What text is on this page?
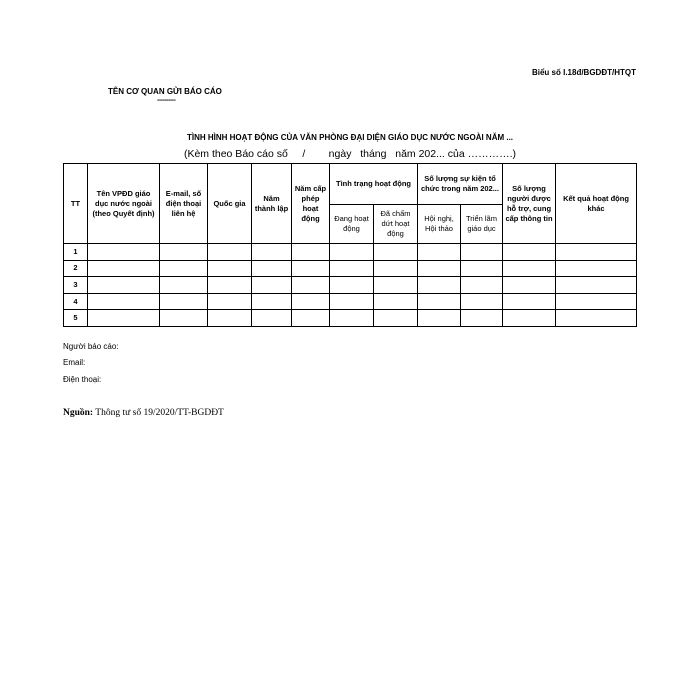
Biểu số I.18đ/BGDĐT/HTQT
TÊN CƠ QUAN GỬI BÁO CÁO
----------
TÌNH HÌNH HOẠT ĐỘNG CỦA VĂN PHÒNG ĐẠI DIỆN GIÁO DỤC NƯỚC NGOÀI NĂM ...
(Kèm theo Báo cáo số     /        ngày   tháng   năm 202... của ………….)
TT	Tên VPĐD giáo dục nước ngoài (theo Quyết định)	E-mail, số điện thoại liên hệ	Quốc gia	Năm thành lập	Năm cấp phép hoạt động	Tình trạng hoạt động		Số lượng sự kiện tổ chức trong năm 202...		Số lượng người được hỗ trợ, cung cấp thông tin	Kết quả hoạt động khác
						Đang hoạt động	Đã chấm dứt hoạt động	Hội nghị, Hội thảo	Triển lãm giáo dục		
1											
2											
3											
4											
5											
Người báo cáo:
Email:
Điện thoại:
Nguồn: Thông tư số 19/2020/TT-BGDĐT
